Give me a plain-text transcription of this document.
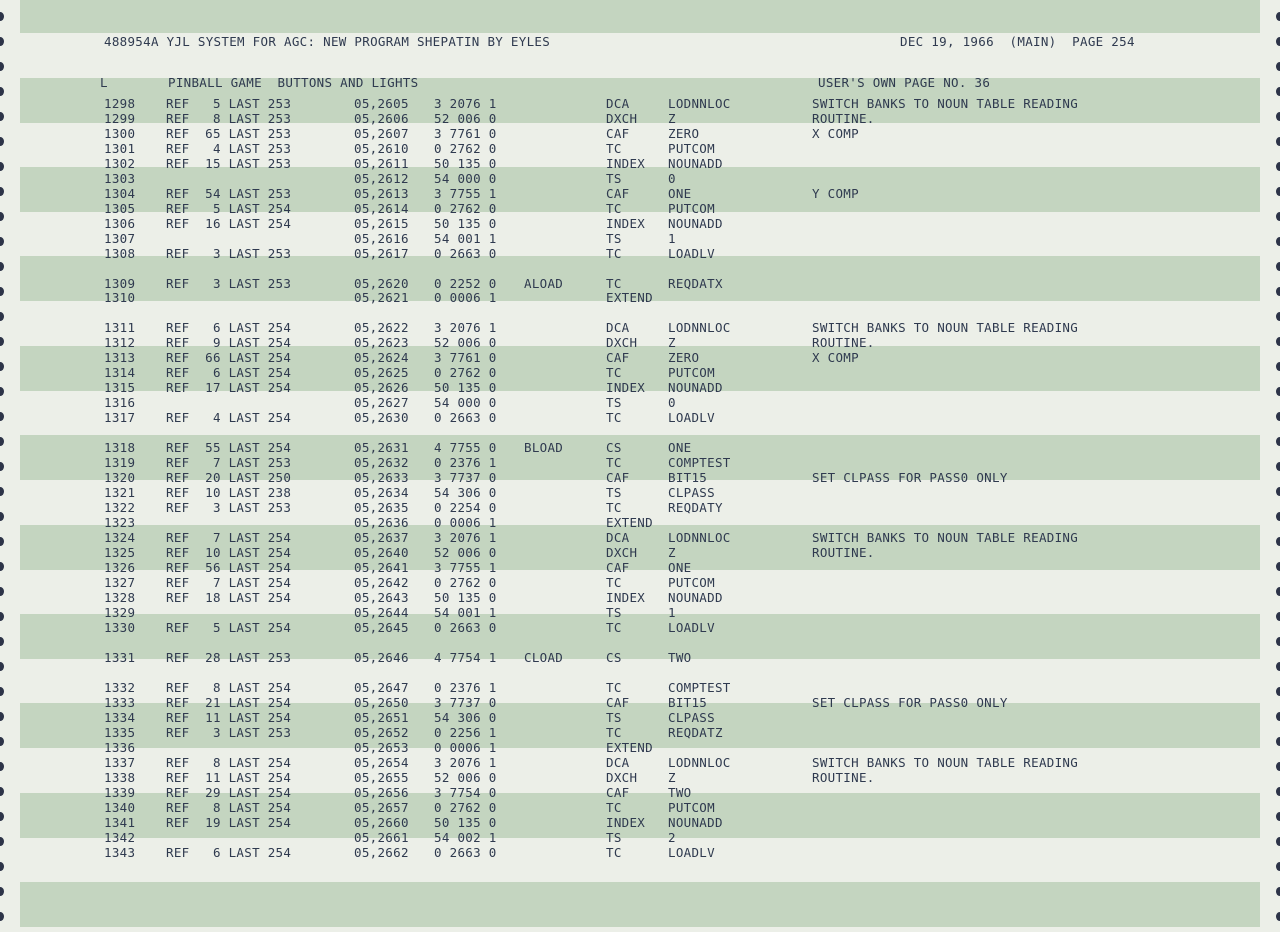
488954A YJL SYSTEM FOR AGC: NEW PROGRAM SHEPATIN BY EYLES	DEC 19, 1966  (MAIN)  PAGE 254
L	PINBALL GAME  BUTTONS AND LIGHTS	USER'S OWN PAGE NO. 36
1298 REF   5 LAST 253	05,2605 3 2076 1	DCA	LODNNLOC	SWITCH BANKS TO NOUN TABLE READING
1299 REF   8 LAST 253	05,2606 52 006 0	DXCH Z	ROUTINE.
1300 REF  65 LAST 253	05,2607 3 7761 0	CAF	ZERO	X COMP
1301 REF   4 LAST 253	05,2610 0 2762 0	TC	PUTCOM
1302 REF  15 LAST 253	05,2611 50 135 0	INDEX NOUNADD
1303	05,2612 54 000 0	TS	0
1304 REF  54 LAST 253	05,2613 3 7755 1	CAF	ONE	Y COMP
1305 REF   5 LAST 254	05,2614 0 2762 0	TC	PUTCOM
1306 REF  16 LAST 254	05,2615 50 135 0	INDEX NOUNADD
1307	05,2616 54 001 1	TS	1
1308 REF   3 LAST 253	05,2617 0 2663 0	TC	LOADLV
1309 REF   3 LAST 253	05,2620 0 2252 0 ALOAD	TC	REQDATX
1310	05,2621 0 0006 1	EXTEND
1311 REF   6 LAST 254	05,2622 3 2076 1	DCA	LODNNLOC	SWITCH BANKS TO NOUN TABLE READING
1312 REF   9 LAST 254	05,2623 52 006 0	DXCH Z	ROUTINE.
1313 REF  66 LAST 254	05,2624 3 7761 0	CAF	ZERO	X COMP
1314 REF   6 LAST 254	05,2625 0 2762 0	TC	PUTCOM
1315 REF  17 LAST 254	05,2626 50 135 0	INDEX NOUNADD
1316	05,2627 54 000 0	TS	0
1317 REF   4 LAST 254	05,2630 0 2663 0	TC	LOADLV
1318 REF  55 LAST 254	05,2631 4 7755 0 BLOAD	CS	ONE
1319 REF   7 LAST 253	05,2632 0 2376 1	TC	COMPTEST
1320 REF  20 LAST 250	05,2633 3 7737 0	CAF	BIT15	SET CLPASS FOR PASS0 ONLY
1321 REF  10 LAST 238	05,2634 54 306 0	TS	CLPASS
1322 REF   3 LAST 253	05,2635 0 2254 0	TC	REQDATY
1323	05,2636 0 0006 1	EXTEND
1324 REF   7 LAST 254	05,2637 3 2076 1	DCA	LODNNLOC	SWITCH BANKS TO NOUN TABLE READING
1325 REF  10 LAST 254	05,2640 52 006 0	DXCH Z	ROUTINE.
1326 REF  56 LAST 254	05,2641 3 7755 1	CAF	ONE
1327 REF   7 LAST 254	05,2642 0 2762 0	TC	PUTCOM
1328 REF  18 LAST 254	05,2643 50 135 0	INDEX NOUNADD
1329	05,2644 54 001 1	TS	1
1330 REF   5 LAST 254	05,2645 0 2663 0	TC	LOADLV
1331 REF  28 LAST 253	05,2646 4 7754 1 CLOAD	CS	TWO
1332 REF   8 LAST 254	05,2647 0 2376 1	TC	COMPTEST
1333 REF  21 LAST 254	05,2650 3 7737 0	CAF	BIT15	SET CLPASS FOR PASS0 ONLY
1334 REF  11 LAST 254	05,2651 54 306 0	TS	CLPASS
1335 REF   3 LAST 253	05,2652 0 2256 1	TC	REQDATZ
1336	05,2653 0 0006 1	EXTEND
1337 REF   8 LAST 254	05,2654 3 2076 1	DCA	LODNNLOC	SWITCH BANKS TO NOUN TABLE READING
1338 REF  11 LAST 254	05,2655 52 006 0	DXCH Z	ROUTINE.
1339 REF  29 LAST 254	05,2656 3 7754 0	CAF	TWO
1340 REF   8 LAST 254	05,2657 0 2762 0	TC	PUTCOM
1341 REF  19 LAST 254	05,2660 50 135 0	INDEX NOUNADD
1342	05,2661 54 002 1	TS	2
1343 REF   6 LAST 254	05,2662 0 2663 0	TC	LOADLV
